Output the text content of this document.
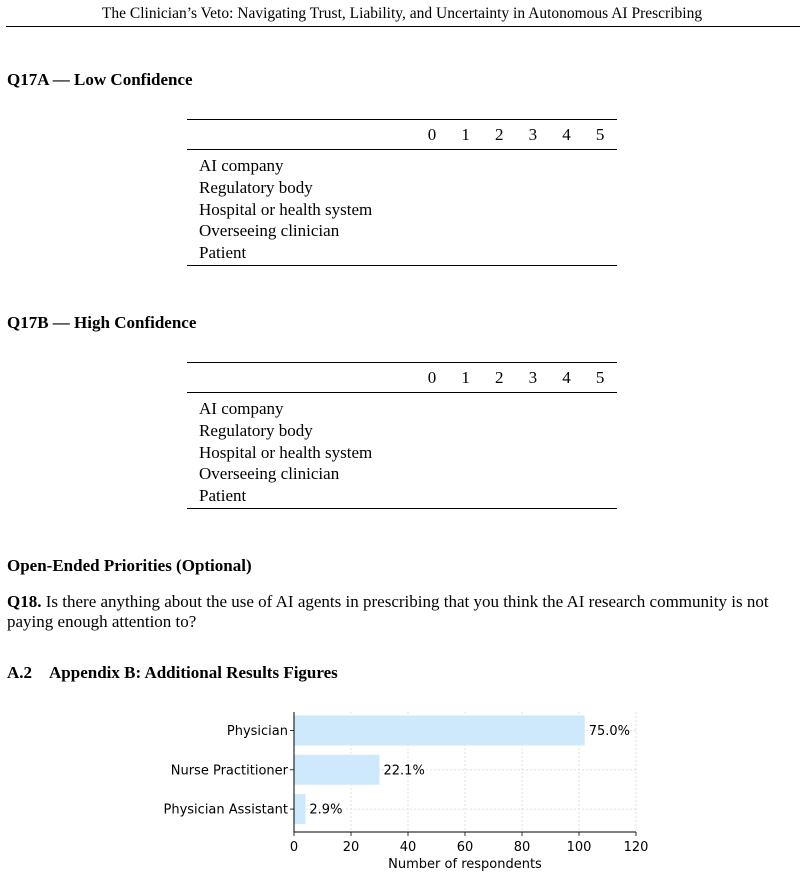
The Clinician’s Veto: Navigating Trust, Liability, and Uncertainty in Autonomous AI Prescribing
Q17A — Low Confidence
	0	1	2	3	4	5
AI company
Regulatory body
Hospital or health system
Overseeing clinician
Patient
Q17B — High Confidence
	0	1	2	3	4	5
AI company
Regulatory body
Hospital or health system
Overseeing clinician
Patient
Open-Ended Priorities (Optional)
Q18. Is there anything about the use of AI agents in prescribing that you think the AI research community is not paying enough attention to?
A.2 Appendix B: Additional Results Figures
0	20	40	60	80	100 120
Physician	75.0%
Nurse Practitioner	22.1%
Physician Assistant 2.9%
Number of respondents
